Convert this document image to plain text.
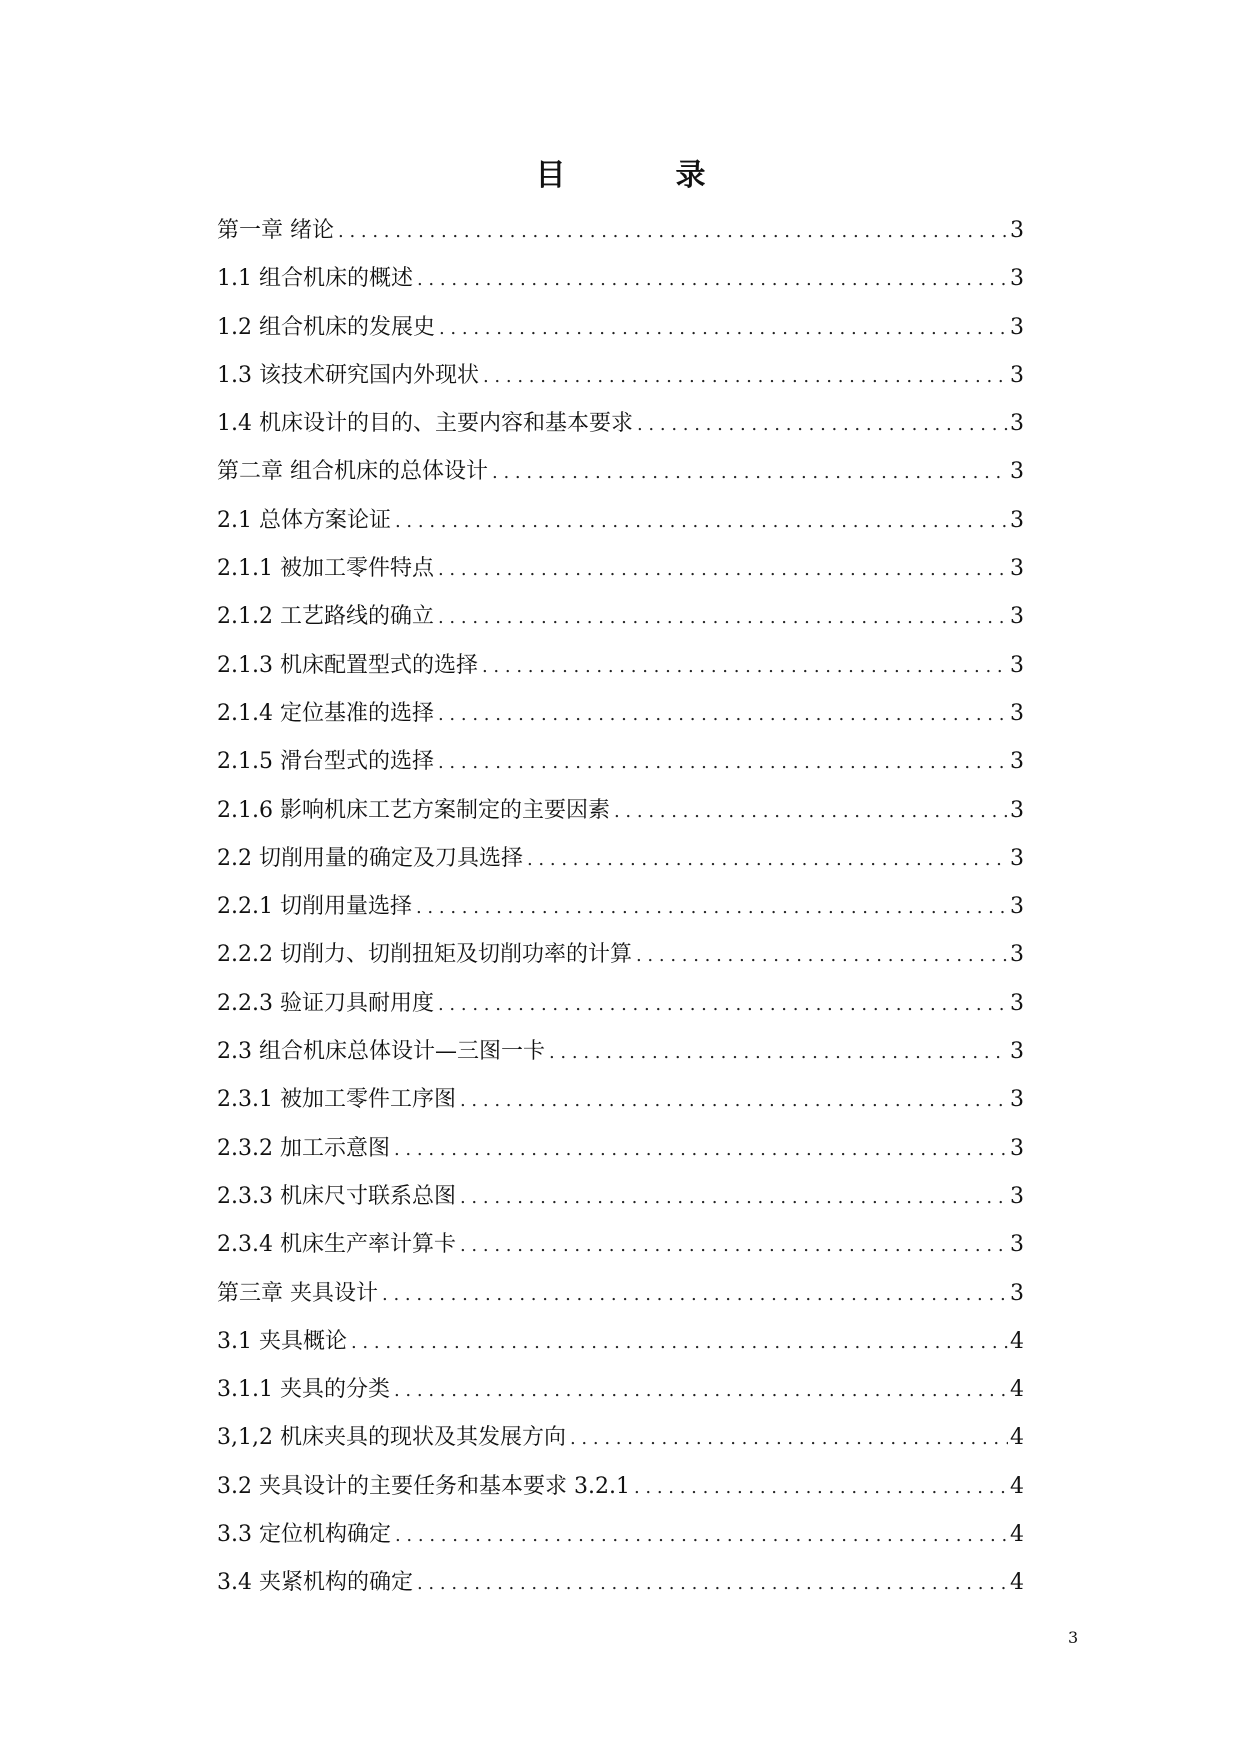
目	录
第一章 绪论 . . .	3
1.1 组合机床的概述 . . .	3
1.2 组合机床的发展史 . . .	3
1.3 该技术研究国内外现状 . . .	3
1.4 机床设计的目的、主要内容和基本要求 . . .	3
第二章 组合机床的总体设计 . . .	3
2.1 总体方案论证 . . .	3
2.1.1 被加工零件特点 . . .	3
2.1.2 工艺路线的确立 . . .	3
2.1.3 机床配置型式的选择 . . .	3
2.1.4 定位基准的选择 . . .	3
2.1.5 滑台型式的选择 . . .	3
2.1.6 影响机床工艺方案制定的主要因素 . . .	3
2.2 切削用量的确定及刀具选择 . . .	3
2.2.1 切削用量选择 . . .	3
2.2.2 切削力、切削扭矩及切削功率的计算 . . .	3
2.2.3 验证刀具耐用度 . . .	3
2.3 组合机床总体设计—三图一卡 . . .	3
2.3.1 被加工零件工序图 . . .	3
2.3.2 加工示意图 . . .	3
2.3.3 机床尺寸联系总图 . . .	3
2.3.4 机床生产率计算卡 . . .	3
第三章 夹具设计 . . .	3
3.1 夹具概论 . . .	4
3.1.1 夹具的分类 . . .	4
3,1,2 机床夹具的现状及其发展方向 . . .	4
3.2 夹具设计的主要任务和基本要求 3.2.1 . . .	4
3.3 定位机构确定 . . .	4
3.4 夹紧机构的确定 . . .	4
3
